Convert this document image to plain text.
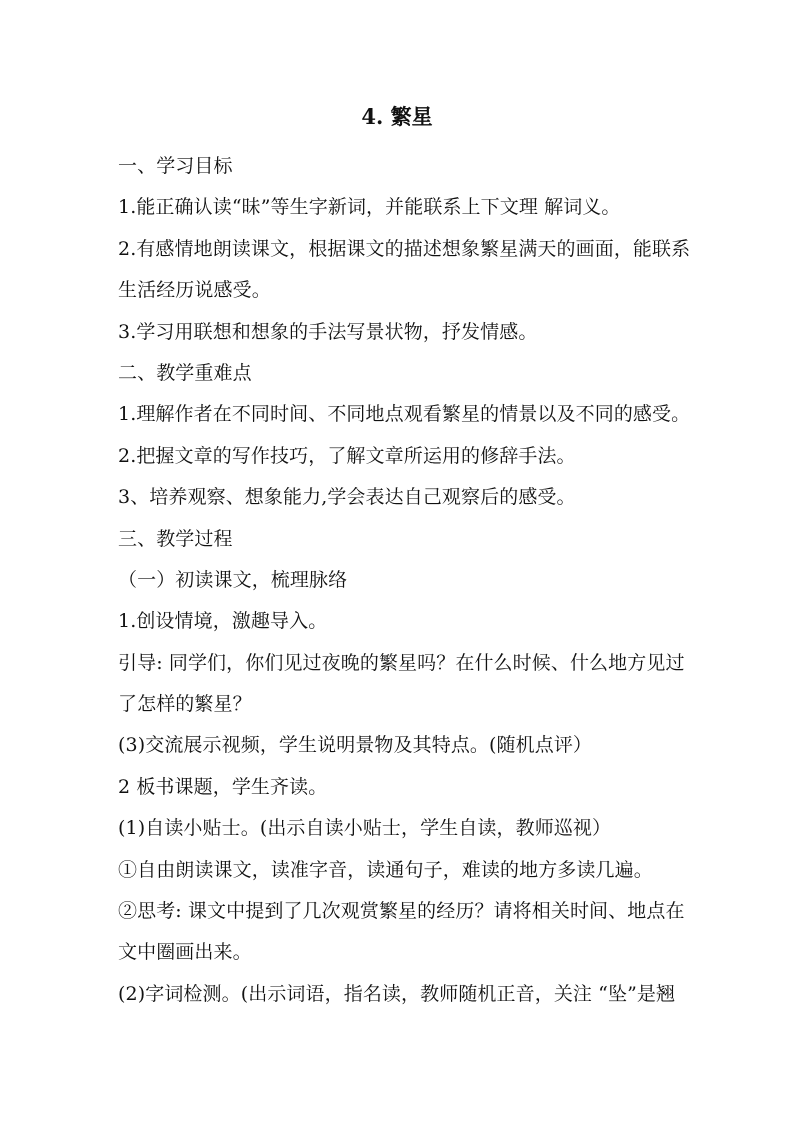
4. 繁星
一、学习目标
1.能正确认读“昧”等生字新词，并能联系上下文理 解词义。
2.有感情地朗读课文，根据课文的描述想象繁星满天的画面，能联系
生活经历说感受。
3.学习用联想和想象的手法写景状物，抒发情感。
二、教学重难点
1.理解作者在不同时间、不同地点观看繁星的情景以及不同的感受。
2.把握文章的写作技巧，了解文章所运用的修辞手法。
3、培养观察、想象能力,学会表达自己观察后的感受。
三、教学过程
（一）初读课文，梳理脉络
1.创设情境，激趣导入。
引导: 同学们，你们见过夜晚的繁星吗？在什么时候、什么地方见过
了怎样的繁星？
(3)交流展示视频，学生说明景物及其特点。(随机点评）
2 板书课题，学生齐读。
(1)自读小贴士。(出示自读小贴士，学生自读，教师巡视）
①自由朗读课文，读准字音，读通句子，难读的地方多读几遍。
②思考: 课文中提到了几次观赏繁星的经历？请将相关时间、地点在
文中圈画出来。
(2)字词检测。(出示词语，指名读，教师随机正音，关注 “坠”是翘
